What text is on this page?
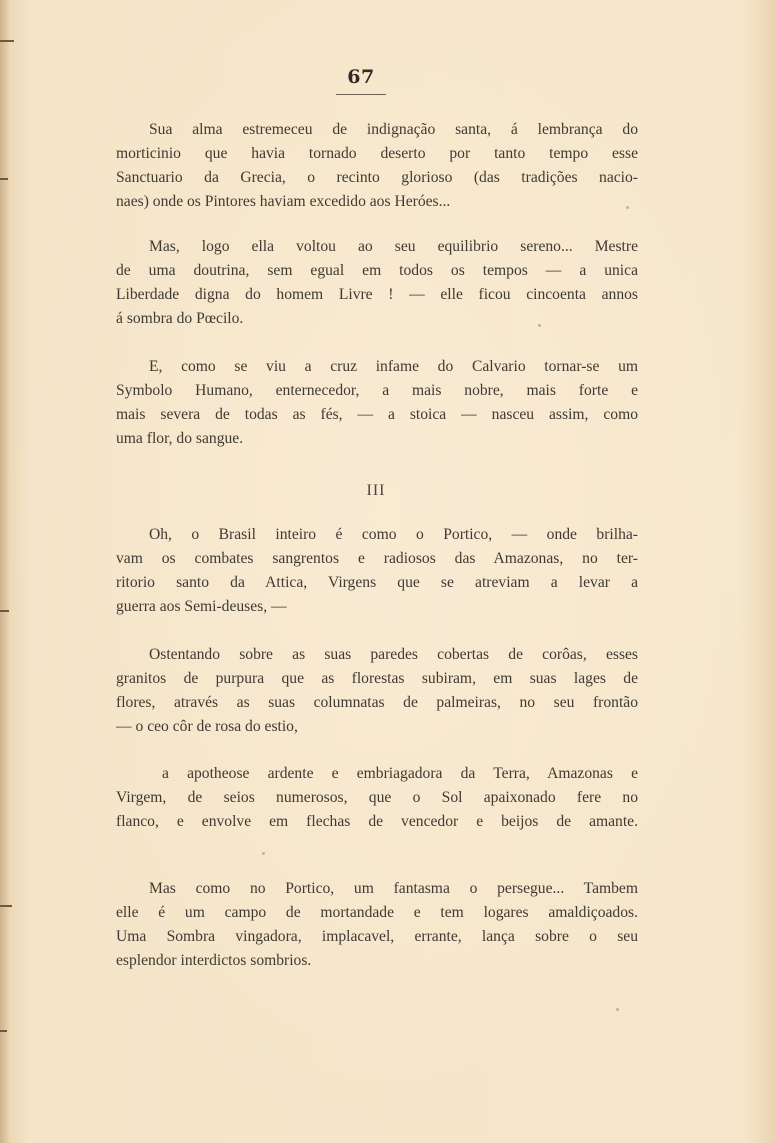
67

Sua alma estremeceu de indignação santa, á lembrança do
morticinio que havia tornado deserto por tanto tempo esse
Sanctuario da Grecia, o recinto glorioso (das tradições nacio-
naes) onde os Pintores haviam excedido aos Heróes...

Mas, logo ella voltou ao seu equilibrio sereno... Mestre
de uma doutrina, sem egual em todos os tempos — a unica
Liberdade digna do homem Livre ! — elle ficou cincoenta annos
á sombra do Pœcilo.

E, como se viu a cruz infame do Calvario tornar-se um
Symbolo Humano, enternecedor, a mais nobre, mais forte e
mais severa de todas as fés, — a stoica — nasceu assim, como
uma flor, do sangue.

III

Oh, o Brasil inteiro é como o Portico, — onde brilha-
vam os combates sangrentos e radiosos das Amazonas, no ter-
ritorio santo da Attica, Virgens que se atreviam a levar a
guerra aos Semi-deuses, —

Ostentando sobre as suas paredes cobertas de corôas, esses
granitos de purpura que as florestas subiram, em suas lages de
flores, através as suas columnatas de palmeiras, no seu frontão
— o ceo côr de rosa do estio,

a apotheose ardente e embriagadora da Terra, Amazonas e
Virgem, de seios numerosos, que o Sol apaixonado fere no
flanco, e envolve em flechas de vencedor e beijos de amante.

Mas como no Portico, um fantasma o persegue... Tambem
elle é um campo de mortandade e tem logares amaldiçoados.
Uma Sombra vingadora, implacavel, errante, lança sobre o seu
esplendor interdictos sombrios.
